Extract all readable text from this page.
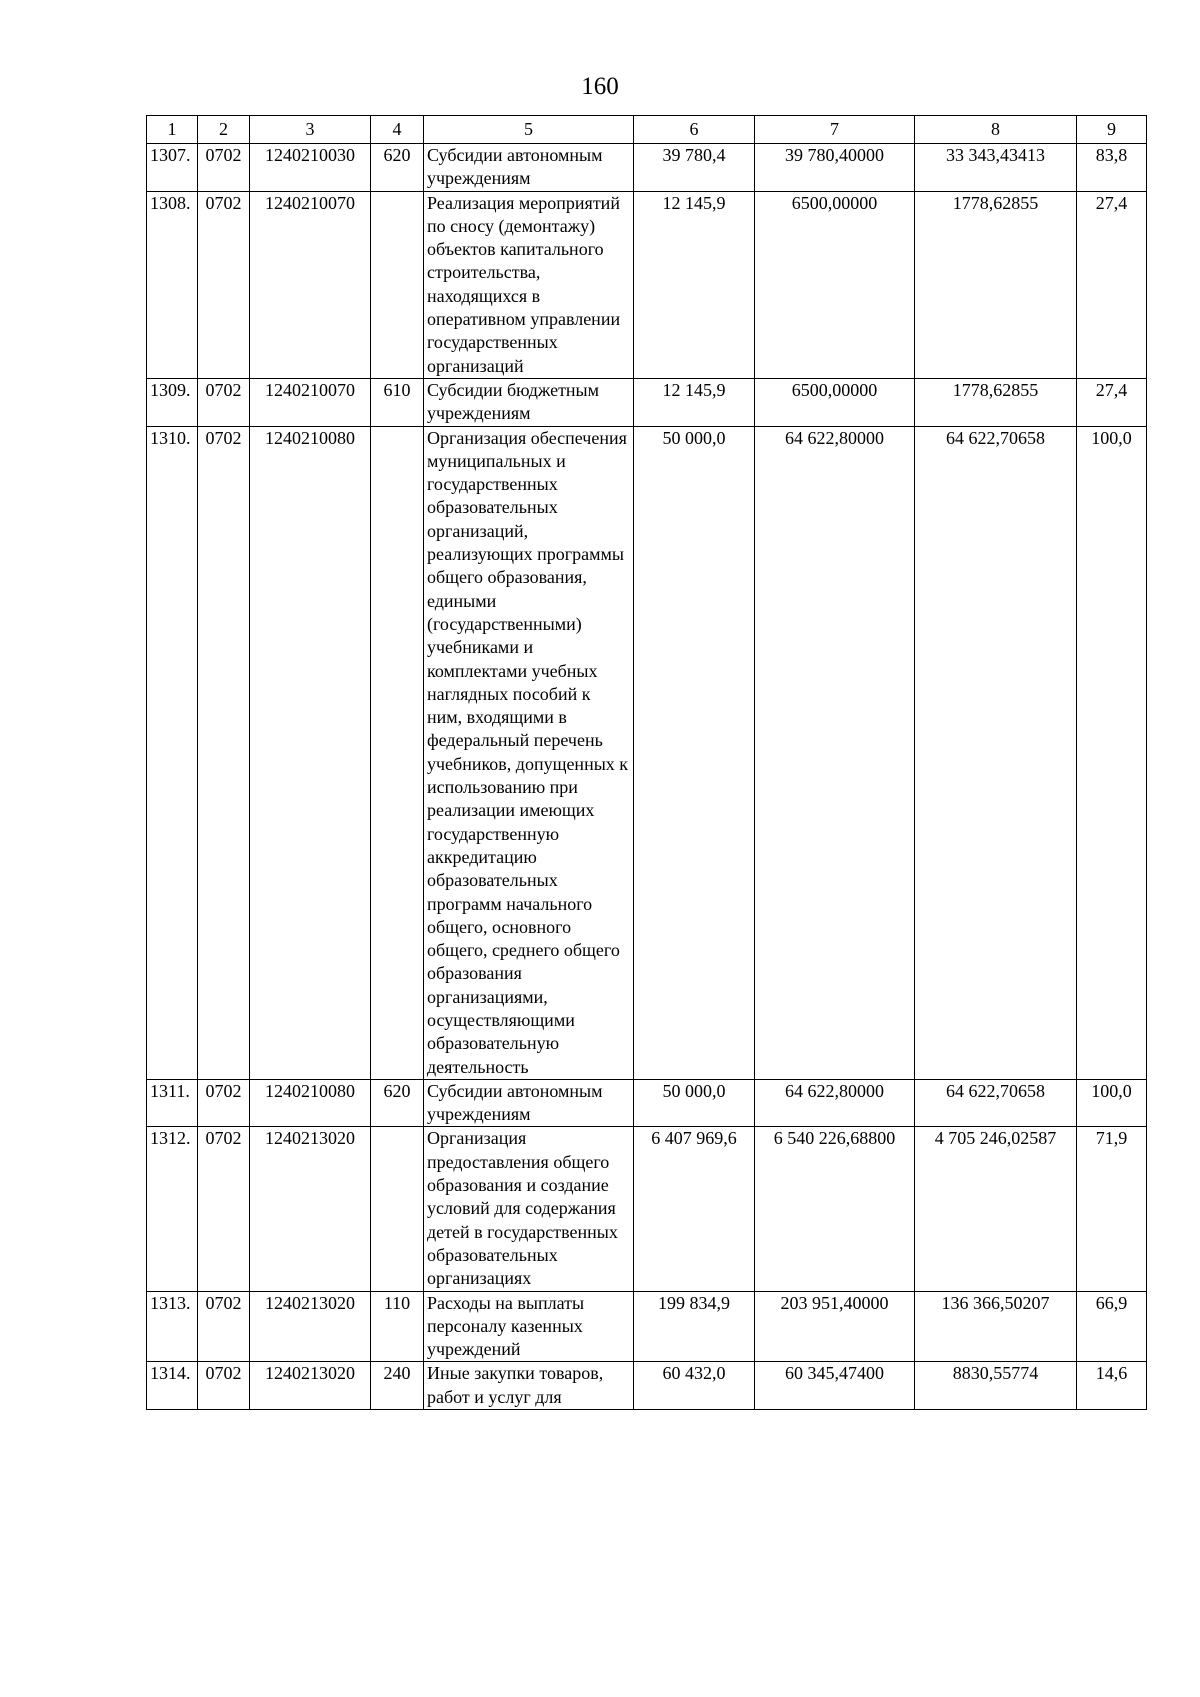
160
1	2	3	4	5	6	7	8	9
1307.	0702	1240210030	620	Субсидии автономным учреждениям	39 780,4	39 780,40000	33 343,43413	83,8
1308.	0702	1240210070		Реализация мероприятий по сносу (демонтажу) объектов капитального строительства, находящихся в оперативном управлении государственных организаций	12 145,9	6500,00000	1778,62855	27,4
1309.	0702	1240210070	610	Субсидии бюджетным учреждениям	12 145,9	6500,00000	1778,62855	27,4
1310.	0702	1240210080		Организация обеспечения муниципальных и государственных образовательных организаций, реализующих программы общего образования, едиными (государственными) учебниками и комплектами учебных наглядных пособий к ним, входящими в федеральный перечень учебников, допущенных к использованию при реализации имеющих государственную аккредитацию образовательных программ начального общего, основного общего, среднего общего образования организациями, осуществляющими образовательную деятельность	50 000,0	64 622,80000	64 622,70658	100,0
1311.	0702	1240210080	620	Субсидии автономным учреждениям	50 000,0	64 622,80000	64 622,70658	100,0
1312.	0702	1240213020		Организация предоставления общего образования и создание условий для содержания детей в государственных образовательных организациях	6 407 969,6	6 540 226,68800	4 705 246,02587	71,9
1313.	0702	1240213020	110	Расходы на выплаты персоналу казенных учреждений	199 834,9	203 951,40000	136 366,50207	66,9
1314.	0702	1240213020	240	Иные закупки товаров, работ и услуг для	60 432,0	60 345,47400	8830,55774	14,6
